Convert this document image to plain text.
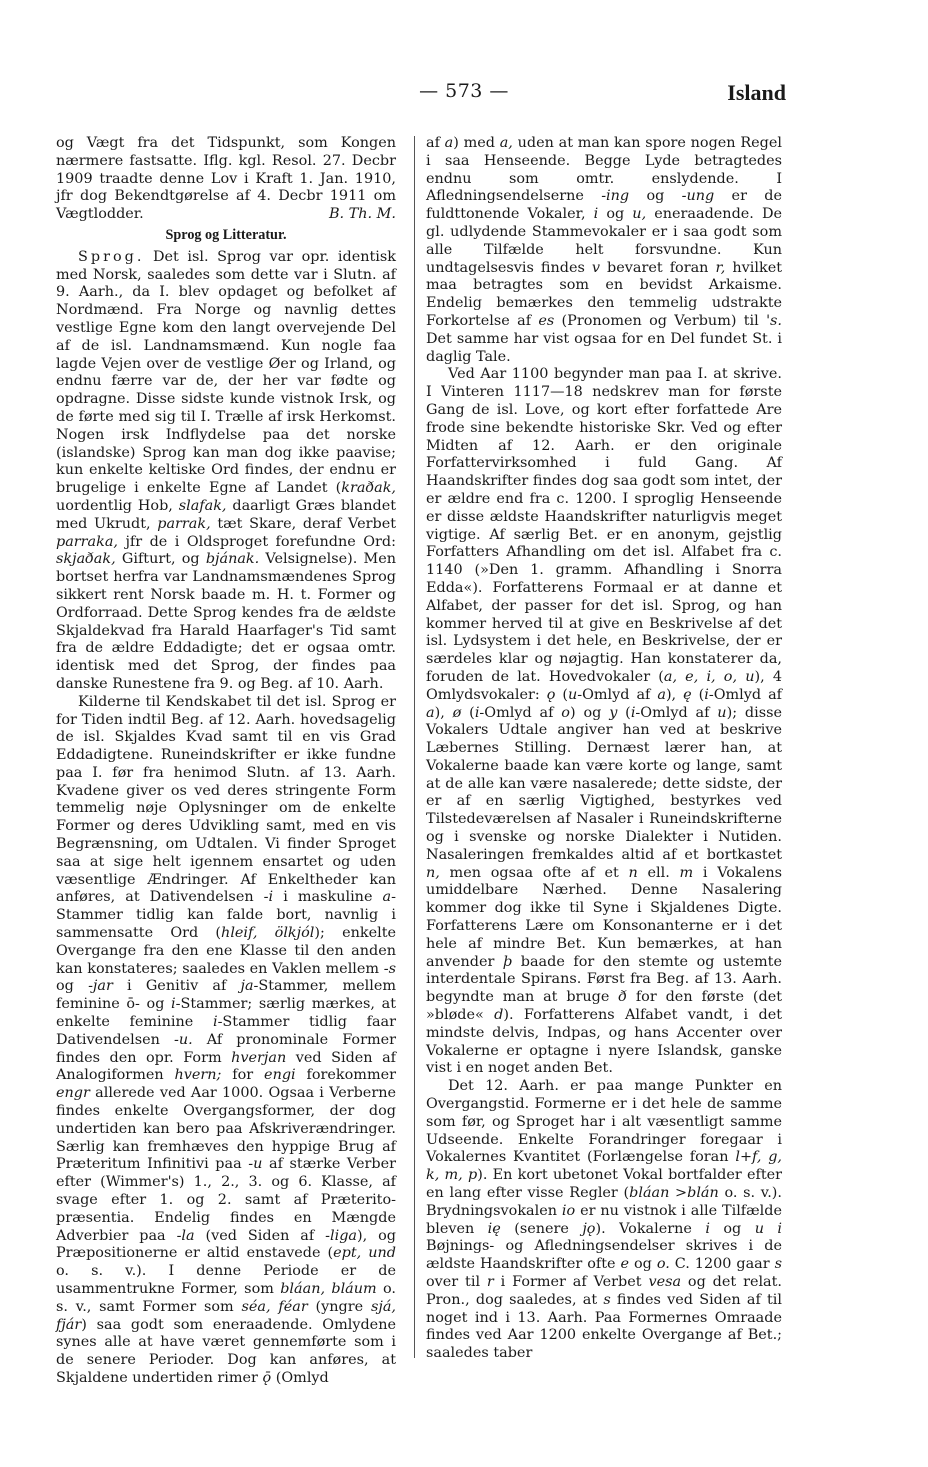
— 573 —	Island

og Vægt fra det Tidspunkt, som Kongen nærmere fastsatte. Iflg. kgl. Resol. 27. Decbr 1909 traadte denne Lov i Kraft 1. Jan. 1910, jfr dog Bekendtgørelse af 4. Decbr 1911 om Vægtlodder.	B. Th. M.
Sprog og Litteratur.

Sprog. Det isl. Sprog var opr. identisk med Norsk, saaledes som dette var i Slutn. af 9. Aarh., da I. blev opdaget og befolket af Nordmænd. Fra Norge og navnlig dettes vestlige Egne kom den langt overvejende Del af de isl. Landnamsmænd. Kun nogle faa lagde Vejen over de vestlige Øer og Irland, og endnu færre var de, der her var fødte og opdragne. Disse sidste kunde vistnok Irsk, og de førte med sig til I. Trælle af irsk Herkomst. Nogen irsk Indflydelse paa det norske (islandske) Sprog kan man dog ikke paavise; kun enkelte keltiske Ord findes, der endnu er brugelige i enkelte Egne af Landet (kraðak, uordentlig Hob, slafak, daarligt Græs blandet med Ukrudt, parrak, tæt Skare, deraf Verbet parraka, jfr de i Oldsproget forefundne Ord: skjaðak, Gifturt, og bjának. Velsignelse). Men bortset herfra var Landnamsmændenes Sprog sikkert rent Norsk baade m. H. t. Former og Ordforraad. Dette Sprog kendes fra de ældste Skjaldekvad fra Harald Haarfager's Tid samt fra de ældre Eddadigte; det er ogsaa omtr. identisk med det Sprog, der findes paa danske Runestene fra 9. og Beg. af 10. Aarh.

Kilderne til Kendskabet til det isl. Sprog er for Tiden indtil Beg. af 12. Aarh. hovedsagelig de isl. Skjaldes Kvad samt til en vis Grad Eddadigtene. Runeindskrifter er ikke fundne paa I. før fra henimod Slutn. af 13. Aarh. Kvadene giver os ved deres stringente Form temmelig nøje Oplysninger om de enkelte Former og deres Udvikling samt, med en vis Begrænsning, om Udtalen. Vi finder Sproget saa at sige helt igennem ensartet og uden væsentlige Ændringer. Af Enkeltheder kan anføres, at Dativendelsen -i i maskuline a-Stammer tidlig kan falde bort, navnlig i sammensatte Ord (hleif, ölkjól); enkelte Overgange fra den ene Klasse til den anden kan konstateres; saaledes en Vaklen mellem -s og -jar i Genitiv af ja-Stammer, mellem feminine ō- og i-Stammer; særlig mærkes, at enkelte feminine i-Stammer tidlig faar Dativendelsen -u. Af pronominale Former findes den opr. Form hverjan ved Siden af Analogiformen hvern; for engi forekommer engr allerede ved Aar 1000. Ogsaa i Verberne findes enkelte Overgangsformer, der dog undertiden kan bero paa Afskriverændringer. Særlig kan fremhæves den hyppige Brug af Præteritum Infinitivi paa -u af stærke Verber efter (Wimmer's) 1., 2., 3. og 6. Klasse, af svage efter 1. og 2. samt af Præterito-præsentia. Endelig findes en Mængde Adverbier paa -la (ved Siden af -liga), og Præpositionerne er altid enstavede (ept, und o. s. v.). I denne Periode er de usammentrukne Former, som bláan, bláum o. s. v., samt Former som séa, féar (yngre sjá, fjár) saa godt som eneraadende. Omlydene synes alle at have været gennemførte som i de senere Perioder. Dog kan anføres, at Skjaldene undertiden rimer ǭ (Omlyd

af a) med a, uden at man kan spore nogen Regel i saa Henseende. Begge Lyde betragtedes endnu som omtr. enslydende. I Afledningsendelserne -ing og -ung er de fuldttonende Vokaler, i og u, eneraadende. De gl. udlydende Stammevokaler er i saa godt som alle Tilfælde helt forsvundne. Kun undtagelsesvis findes v bevaret foran r, hvilket maa betragtes som en bevidst Arkaisme. Endelig bemærkes den temmelig udstrakte Forkortelse af es (Pronomen og Verbum) til 's. Det samme har vist ogsaa for en Del fundet St. i daglig Tale.

Ved Aar 1100 begynder man paa I. at skrive. I Vinteren 1117—18 nedskrev man for første Gang de isl. Love, og kort efter forfattede Are frode sine bekendte historiske Skr. Ved og efter Midten af 12. Aarh. er den originale Forfattervirksomhed i fuld Gang. Af Haandskrifter findes dog saa godt som intet, der er ældre end fra c. 1200. I sproglig Henseende er disse ældste Haandskrifter naturligvis meget vigtige. Af særlig Bet. er en anonym, gejstlig Forfatters Afhandling om det isl. Alfabet fra c. 1140 (»Den 1. gramm. Afhandling i Snorra Edda«). Forfatterens Formaal er at danne et Alfabet, der passer for det isl. Sprog, og han kommer herved til at give en Beskrivelse af det isl. Lydsystem i det hele, en Beskrivelse, der er særdeles klar og nøjagtig. Han konstaterer da, foruden de lat. Hovedvokaler (a, e, i, o, u), 4 Omlydsvokaler: ǫ (u-Omlyd af a), ę (i-Omlyd af a), ø (i-Omlyd af o) og y (i-Omlyd af u); disse Vokalers Udtale angiver han ved at beskrive Læbernes Stilling. Dernæst lærer han, at Vokalerne baade kan være korte og lange, samt at de alle kan være nasalerede; dette sidste, der er af en særlig Vigtighed, bestyrkes ved Tilstedeværelsen af Nasaler i Runeindskrifterne og i svenske og norske Dialekter i Nutiden. Nasaleringen fremkaldes altid af et bortkastet n, men ogsaa ofte af et n ell. m i Vokalens umiddelbare Nærhed. Denne Nasalering kommer dog ikke til Syne i Skjaldenes Digte. Forfatterens Lære om Konsonanterne er i det hele af mindre Bet. Kun bemærkes, at han anvender þ baade for den stemte og ustemte interdentale Spirans. Først fra Beg. af 13. Aarh. begyndte man at bruge ð for den første (det »bløde« d). Forfatterens Alfabet vandt, i det mindste delvis, Indpas, og hans Accenter over Vokalerne er optagne i nyere Islandsk, ganske vist i en noget anden Bet.

Det 12. Aarh. er paa mange Punkter en Overgangstid. Formerne er i det hele de samme som før, og Sproget har i alt væsentligt samme Udseende. Enkelte Forandringer foregaar i Vokalernes Kvantitet (Forlængelse foran l+f, g, k, m, p). En kort ubetonet Vokal bortfalder efter en lang efter visse Regler (bláan >blán o. s. v.). Brydningsvokalen io er nu vistnok i alle Tilfælde bleven ię (senere jǫ). Vokalerne i og u i Bøjnings- og Afledningsendelser skrives i de ældste Haandskrifter ofte e og o. C. 1200 gaar s over til r i Former af Verbet vesa og det relat. Pron., dog saaledes, at s findes ved Siden af til noget ind i 13. Aarh. Paa Formernes Omraade findes ved Aar 1200 enkelte Overgange af Bet.; saaledes taber
